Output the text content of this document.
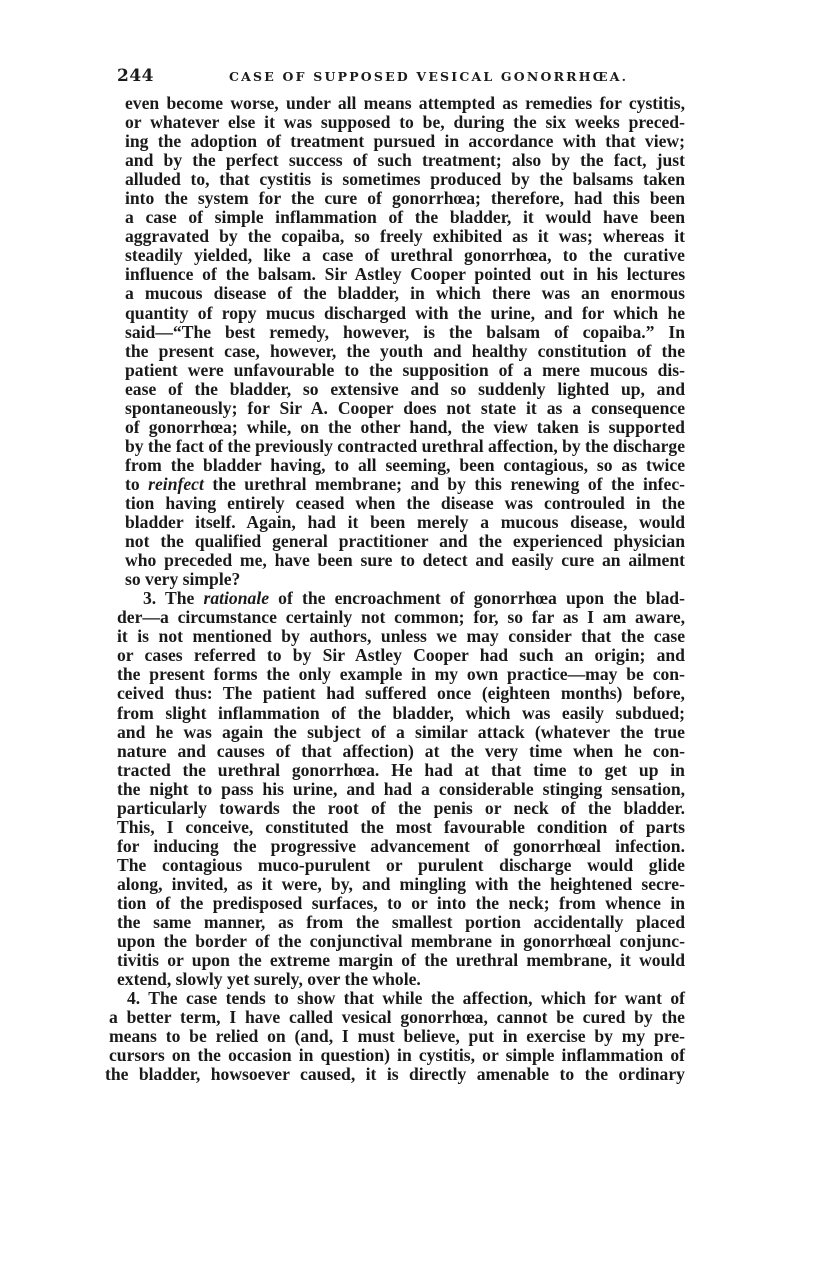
244	CASE OF SUPPOSED VESICAL GONORRHŒA.
even become worse, under all means attempted as remedies for cystitis,
or whatever else it was supposed to be, during the six weeks preced-
ing the adoption of treatment pursued in accordance with that view;
and by the perfect success of such treatment; also by the fact, just
alluded to, that cystitis is sometimes produced by the balsams taken
into the system for the cure of gonorrhœa; therefore, had this been
a case of simple inflammation of the bladder, it would have been
aggravated by the copaiba, so freely exhibited as it was; whereas it
steadily yielded, like a case of urethral gonorrhœa, to the curative
influence of the balsam. Sir Astley Cooper pointed out in his lectures
a mucous disease of the bladder, in which there was an enormous
quantity of ropy mucus discharged with the urine, and for which he
said—“The best remedy, however, is the balsam of copaiba.” In
the present case, however, the youth and healthy constitution of the
patient were unfavourable to the supposition of a mere mucous dis-
ease of the bladder, so extensive and so suddenly lighted up, and
spontaneously; for Sir A. Cooper does not state it as a consequence
of gonorrhœa; while, on the other hand, the view taken is supported
by the fact of the previously contracted urethral affection, by the discharge
from the bladder having, to all seeming, been contagious, so as twice
to reinfect the urethral membrane; and by this renewing of the infec-
tion having entirely ceased when the disease was controuled in the
bladder itself. Again, had it been merely a mucous disease, would
not the qualified general practitioner and the experienced physician
who preceded me, have been sure to detect and easily cure an ailment
so very simple?
3. The rationale of the encroachment of gonorrhœa upon the blad-
der—a circumstance certainly not common; for, so far as I am aware,
it is not mentioned by authors, unless we may consider that the case
or cases referred to by Sir Astley Cooper had such an origin; and
the present forms the only example in my own practice—may be con-
ceived thus: The patient had suffered once (eighteen months) before,
from slight inflammation of the bladder, which was easily subdued;
and he was again the subject of a similar attack (whatever the true
nature and causes of that affection) at the very time when he con-
tracted the urethral gonorrhœa. He had at that time to get up in
the night to pass his urine, and had a considerable stinging sensation,
particularly towards the root of the penis or neck of the bladder.
This, I conceive, constituted the most favourable condition of parts
for inducing the progressive advancement of gonorrhœal infection.
The contagious muco-purulent or purulent discharge would glide
along, invited, as it were, by, and mingling with the heightened secre-
tion of the predisposed surfaces, to or into the neck; from whence in
the same manner, as from the smallest portion accidentally placed
upon the border of the conjunctival membrane in gonorrhœal conjunc-
tivitis or upon the extreme margin of the urethral membrane, it would
extend, slowly yet surely, over the whole.
4. The case tends to show that while the affection, which for want of
a better term, I have called vesical gonorrhœa, cannot be cured by the
means to be relied on (and, I must believe, put in exercise by my pre-
cursors on the occasion in question) in cystitis, or simple inflammation of
the bladder, howsoever caused, it is directly amenable to the ordinary
